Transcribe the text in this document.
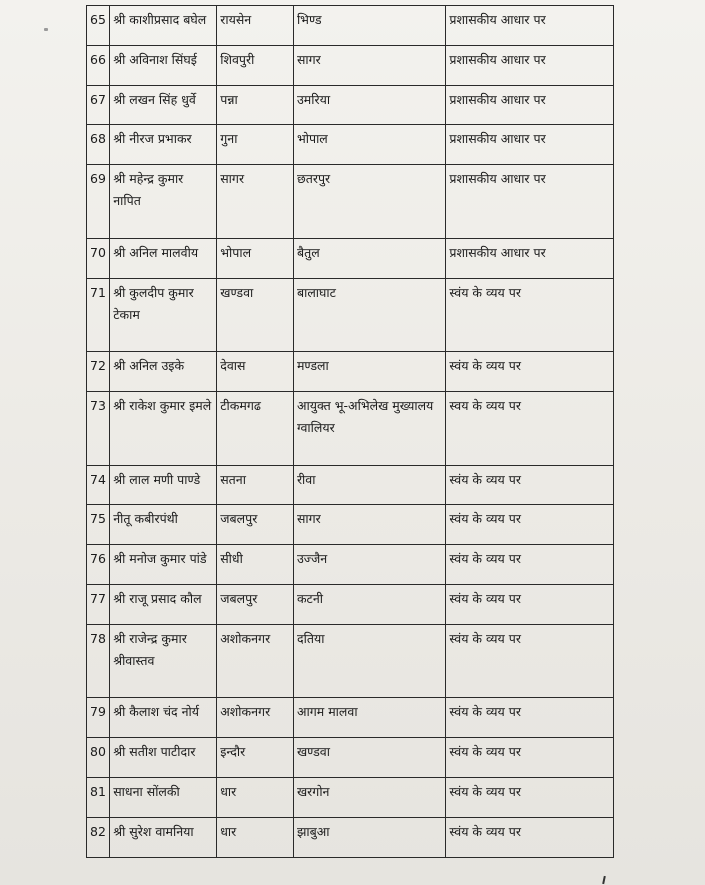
65	श्री काशीप्रसाद बघेल	रायसेन	भिण्ड	प्रशासकीय आधार पर
66	श्री अविनाश सिंघई	शिवपुरी	सागर	प्रशासकीय आधार पर
67	श्री लखन सिंह धुर्वे	पन्ना	उमरिया	प्रशासकीय आधार पर
68	श्री नीरज प्रभाकर	गुना	भोपाल	प्रशासकीय आधार पर
69	श्री महेन्द्र कुमार नापित	सागर	छतरपुर	प्रशासकीय आधार पर
70	श्री अनिल मालवीय	भोपाल	बैतुल	प्रशासकीय आधार पर
71	श्री कुलदीप कुमार टेकाम	खण्डवा	बालाघाट	स्वंय के व्यय पर
72	श्री अनिल उइके	देवास	मण्डला	स्वंय के व्यय पर
73	श्री राकेश कुमार इमले	टीकमगढ	आयुक्त भू-अभिलेख मुख्यालय ग्वालियर	स्वय के व्यय पर
74	श्री लाल मणी पाण्डे	सतना	रीवा	स्वंय के व्यय पर
75	नीतू कबीरपंथी	जबलपुर	सागर	स्वंय के व्यय पर
76	श्री मनोज कुमार पांडे	सीधी	उज्जैन	स्वंय के व्यय पर
77	श्री राजू प्रसाद कौल	जबलपुर	कटनी	स्वंय के व्यय पर
78	श्री राजेन्द्र कुमार श्रीवास्तव	अशोकनगर	दतिया	स्वंय के व्यय पर
79	श्री कैलाश चंद नोर्य	अशोकनगर	आगम मालवा	स्वंय के व्यय पर
80	श्री सतीश पाटीदार	इन्दौर	खण्डवा	स्वंय के व्यय पर
81	साधना सोंलकी	धार	खरगोन	स्वंय के व्यय पर
82	श्री सुरेश वामनिया	धार	झाबुआ	स्वंय के व्यय पर
